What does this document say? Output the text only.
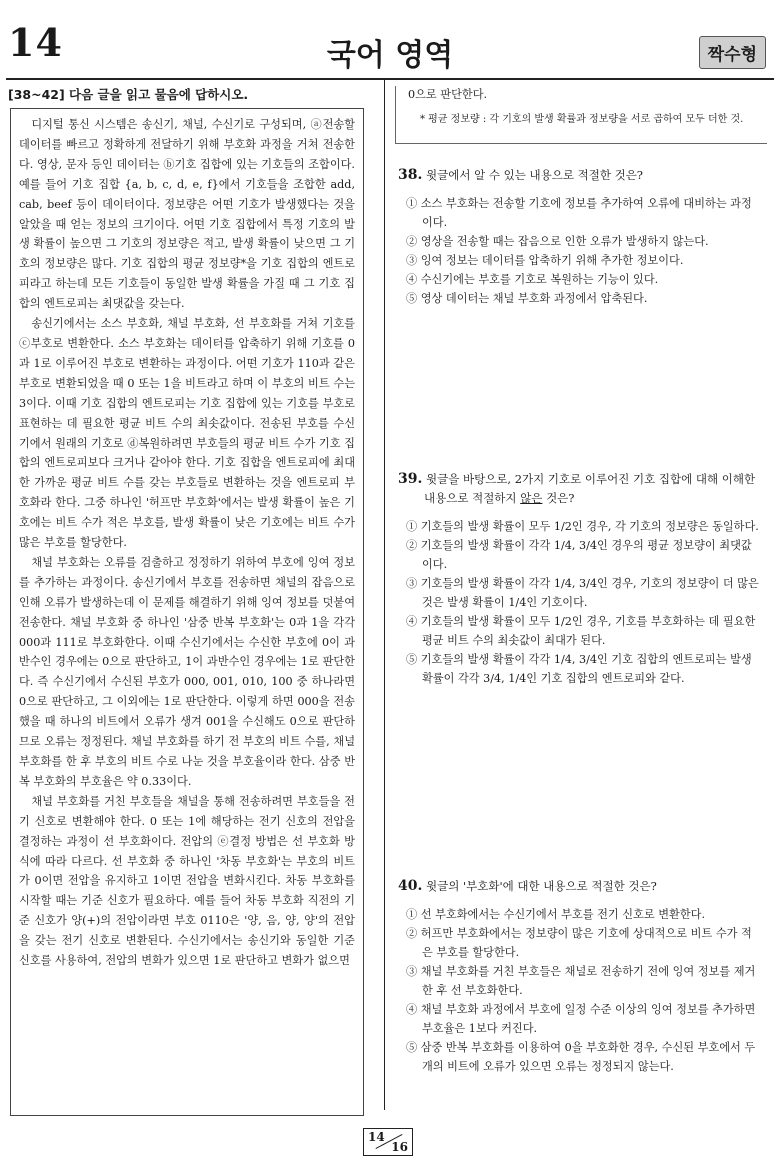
14	국어 영역	짝수형
[38~42] 다음 글을 읽고 물음에 답하시오.

디지털 통신 시스템은 송신기, 채널, 수신기로 구성되며, ⓐ전송할 데이터를 빠르고 정확하게 전달하기 위해 부호화 과정을 거쳐 전송한다. 영상, 문자 등인 데이터는 ⓑ기호 집합에 있는 기호들의 조합이다. 예를 들어 기호 집합 {a, b, c, d, e, f}에서 기호들을 조합한 add, cab, beef 등이 데이터이다. 정보량은 어떤 기호가 발생했다는 것을 알았을 때 얻는 정보의 크기이다. 어떤 기호 집합에서 특정 기호의 발생 확률이 높으면 그 기호의 정보량은 적고, 발생 확률이 낮으면 그 기호의 정보량은 많다. 기호 집합의 평균 정보량*을 기호 집합의 엔트로피라고 하는데 모든 기호들이 동일한 발생 확률을 가질 때 그 기호 집합의 엔트로피는 최댓값을 갖는다.

송신기에서는 소스 부호화, 채널 부호화, 선 부호화를 거쳐 기호를 ⓒ부호로 변환한다. 소스 부호화는 데이터를 압축하기 위해 기호를 0과 1로 이루어진 부호로 변환하는 과정이다. 어떤 기호가 110과 같은 부호로 변환되었을 때 0 또는 1을 비트라고 하며 이 부호의 비트 수는 3이다. 이때 기호 집합의 엔트로피는 기호 집합에 있는 기호를 부호로 표현하는 데 필요한 평균 비트 수의 최솟값이다. 전송된 부호를 수신기에서 원래의 기호로 ⓓ복원하려면 부호들의 평균 비트 수가 기호 집합의 엔트로피보다 크거나 같아야 한다. 기호 집합을 엔트로피에 최대한 가까운 평균 비트 수를 갖는 부호들로 변환하는 것을 엔트로피 부호화라 한다. 그중 하나인 '허프만 부호화'에서는 발생 확률이 높은 기호에는 비트 수가 적은 부호를, 발생 확률이 낮은 기호에는 비트 수가 많은 부호를 할당한다.

채널 부호화는 오류를 검출하고 정정하기 위하여 부호에 잉여 정보를 추가하는 과정이다. 송신기에서 부호를 전송하면 채널의 잡음으로 인해 오류가 발생하는데 이 문제를 해결하기 위해 잉여 정보를 덧붙여 전송한다. 채널 부호화 중 하나인 '삼중 반복 부호화'는 0과 1을 각각 000과 111로 부호화한다. 이때 수신기에서는 수신한 부호에 0이 과반수인 경우에는 0으로 판단하고, 1이 과반수인 경우에는 1로 판단한다. 즉 수신기에서 수신된 부호가 000, 001, 010, 100 중 하나라면 0으로 판단하고, 그 이외에는 1로 판단한다. 이렇게 하면 000을 전송했을 때 하나의 비트에서 오류가 생겨 001을 수신해도 0으로 판단하므로 오류는 정정된다. 채널 부호화를 하기 전 부호의 비트 수를, 채널 부호화를 한 후 부호의 비트 수로 나눈 것을 부호율이라 한다. 삼중 반복 부호화의 부호율은 약 0.33이다.

채널 부호화를 거친 부호들을 채널을 통해 전송하려면 부호들을 전기 신호로 변환해야 한다. 0 또는 1에 해당하는 전기 신호의 전압을 결정하는 과정이 선 부호화이다. 전압의 ⓔ결정 방법은 선 부호화 방식에 따라 다르다. 선 부호화 중 하나인 '차동 부호화'는 부호의 비트가 0이면 전압을 유지하고 1이면 전압을 변화시킨다. 차동 부호화를 시작할 때는 기준 신호가 필요하다. 예를 들어 차동 부호화 직전의 기준 신호가 양(+)의 전압이라면 부호 0110은 '양, 음, 양, 양'의 전압을 갖는 전기 신호로 변환된다. 수신기에서는 송신기와 동일한 기준 신호를 사용하여, 전압의 변화가 있으면 1로 판단하고 변화가 없으면

0으로 판단한다.
* 평균 정보량 : 각 기호의 발생 확률과 정보량을 서로 곱하여 모두 더한 것.
38. 윗글에서 알 수 있는 내용으로 적절한 것은?
① 소스 부호화는 전송할 기호에 정보를 추가하여 오류에 대비하는 과정이다.
② 영상을 전송할 때는 잡음으로 인한 오류가 발생하지 않는다.
③ 잉여 정보는 데이터를 압축하기 위해 추가한 정보이다.
④ 수신기에는 부호를 기호로 복원하는 기능이 있다.
⑤ 영상 데이터는 채널 부호화 과정에서 압축된다.
39. 윗글을 바탕으로, 2가지 기호로 이루어진 기호 집합에 대해 이해한 내용으로 적절하지 않은 것은?
① 기호들의 발생 확률이 모두 1/2인 경우, 각 기호의 정보량은 동일하다.
② 기호들의 발생 확률이 각각 1/4, 3/4인 경우의 평균 정보량이 최댓값이다.
③ 기호들의 발생 확률이 각각 1/4, 3/4인 경우, 기호의 정보량이 더 많은 것은 발생 확률이 1/4인 기호이다.
④ 기호들의 발생 확률이 모두 1/2인 경우, 기호를 부호화하는 데 필요한 평균 비트 수의 최솟값이 최대가 된다.
⑤ 기호들의 발생 확률이 각각 1/4, 3/4인 기호 집합의 엔트로피는 발생 확률이 각각 3/4, 1/4인 기호 집합의 엔트로피와 같다.
40. 윗글의 '부호화'에 대한 내용으로 적절한 것은?
① 선 부호화에서는 수신기에서 부호를 전기 신호로 변환한다.
② 허프만 부호화에서는 정보량이 많은 기호에 상대적으로 비트 수가 적은 부호를 할당한다.
③ 채널 부호화를 거친 부호들은 채널로 전송하기 전에 잉여 정보를 제거한 후 선 부호화한다.
④ 채널 부호화 과정에서 부호에 일정 수준 이상의 잉여 정보를 추가하면 부호율은 1보다 커진다.
⑤ 삼중 반복 부호화를 이용하여 0을 부호화한 경우, 수신된 부호에서 두 개의 비트에 오류가 있으면 오류는 정정되지 않는다.
14
16
